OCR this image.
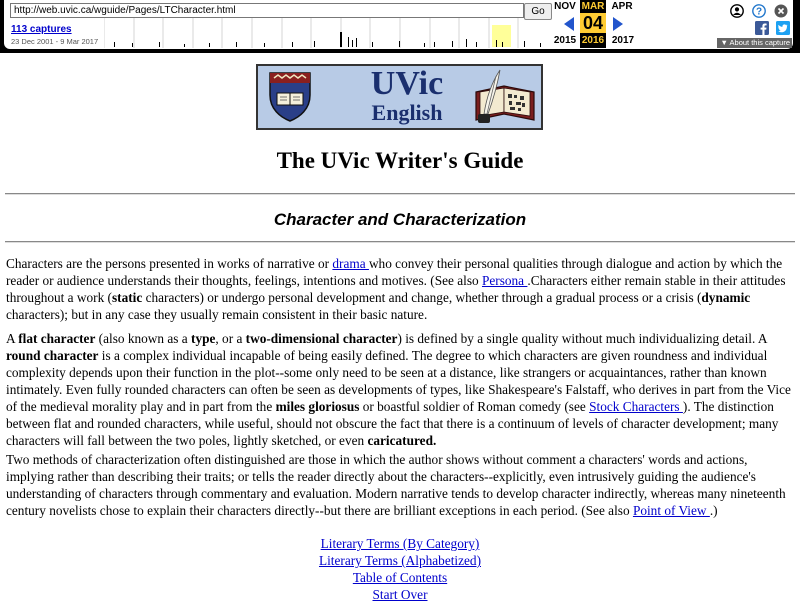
http://web.uvic.ca/wguide/Pages/LTCharacter.html	Go
113 captures
23 Dec 2001 - 9 Mar 2017
NOV	APR
2015	2017
MAR
04
2016
?
▼ About this capture
UVic
English
The UVic Writer's Guide
Character and Characterization

Characters are the persons presented in works of narrative or drama who convey their personal qualities through dialogue and action by which the reader or audience understands their thoughts, feelings, intentions and motives. (See also Persona .Characters either remain stable in their attitudes throughout a work (static characters) or undergo personal development and change, whether through a gradual process or a crisis (dynamic characters); but in any case they usually remain consistent in their basic nature.

A flat character (also known as a type, or a two-dimensional character) is defined by a single quality without much individualizing detail. A round character is a complex individual incapable of being easily defined. The degree to which characters are given roundness and individual complexity depends upon their function in the plot--some only need to be seen at a distance, like strangers or acquaintances, rather than known intimately. Even fully rounded characters can often be seen as developments of types, like Shakespeare's Falstaff, who derives in part from the Vice of the medieval morality play and in part from the miles gloriosus or boastful soldier of Roman comedy (see Stock Characters ). The distinction between flat and rounded characters, while useful, should not obscure the fact that there is a continuum of levels of character development; many characters will fall between the two poles, lightly sketched, or even caricatured.

Two methods of characterization often distinguished are those in which the author shows without comment a characters' words and actions, implying rather than describing their traits; or tells the reader directly about the characters--explicitly, even intrusively guiding the audience's understanding of characters through commentary and evaluation. Modern narrative tends to develop character indirectly, whereas many nineteenth century novelists chose to explain their characters directly--but there are brilliant exceptions in each period. (See also Point of View .)

Literary Terms (By Category)
Literary Terms (Alphabetized)
Table of Contents
Start Over
